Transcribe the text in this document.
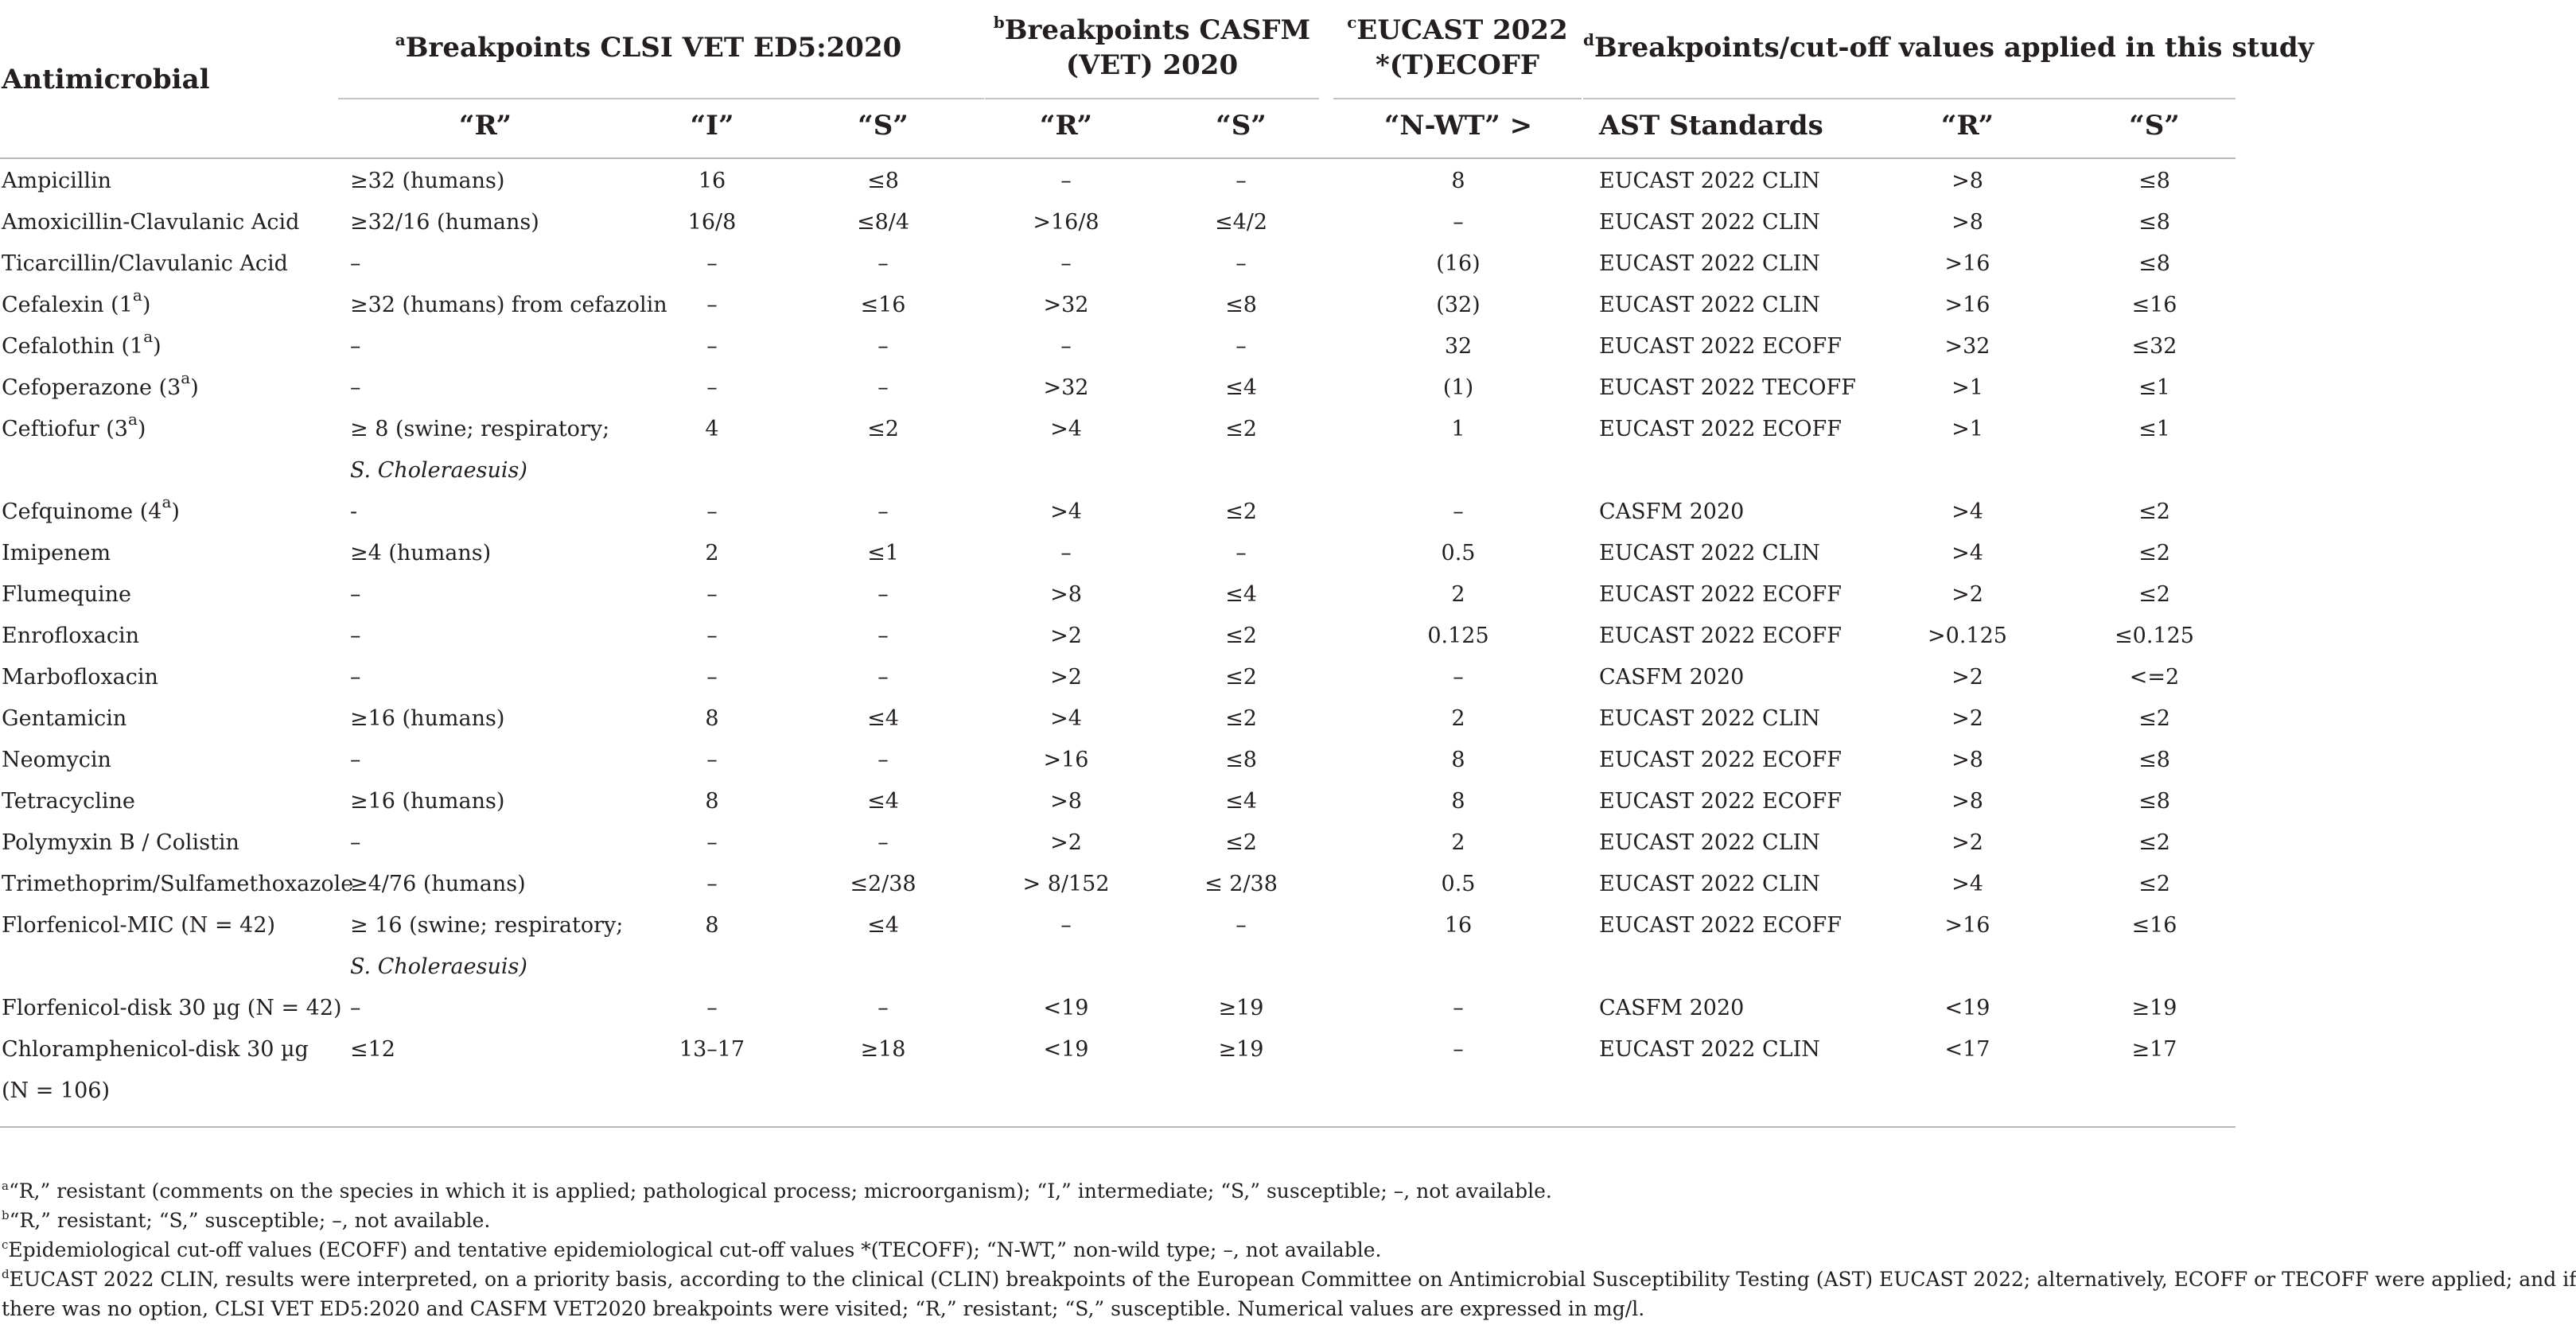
Antimicrobial
$^a$Breakpoints CLSI VET ED5:2020
$^b$Breakpoints CASFM
(VET) 2020
$^c$EUCAST 2022
*(T)ECOFF
$^d$Breakpoints/cut-off values applied in this study
“R”	“I”	“S”	“R”	“S”	“N-WT” >	AST Standards	“R”	“S”
Ampicillin	≥32 (humans)	16	≤8	–	–	8	EUCAST 2022 CLIN	>8	≤8
Amoxicillin-Clavulanic Acid ≥32/16 (humans)	16/8	≤8/4	>16/8	≤4/2	–	EUCAST 2022 CLIN	>8	≤8
Ticarcillin/Clavulanic Acid	–	–	–	–	–	(16)	EUCAST 2022 CLIN	>16	≤8
Cefalexin $(1^a)$	≥32 (humans) from cefazolin	–	≤16	>32	≤8	(32)	EUCAST 2022 CLIN	>16	≤16
Cefalothin (1$^a$)	–	–	–	–	–	32	EUCAST 2022 ECOFF	>32	≤32
Cefoperazone (3$^a$)	–	–	–	>32	≤4	(1)	EUCAST 2022 TECOFF	>1	≤1
Ceftiofur $(3^a)$	≥ 8 (swine; respiratory;	4	≤2	>4	≤2	1	EUCAST 2022 ECOFF	>1	≤1
S. Choleraesuis)
Cefquinome (4$^a$)	-	–	–	>4	≤2	–	CASFM 2020	>4	≤2
Imipenem	≥4 (humans)	2	≤1	–	–	0.5	EUCAST 2022 CLIN	>4	≤2
Flumequine	–	–	–	>8	≤4	2	EUCAST 2022 ECOFF	>2	≤2
Enrofloxacin	–	–	–	>2	≤2	0.125	EUCAST 2022 ECOFF	>0.125	≤0.125
Marbofloxacin	–	–	–	>2	≤2	–	CASFM 2020	>2	<=2
Gentamicin	≥16 (humans)	8	≤4	>4	≤2	2	EUCAST 2022 CLIN	>2	≤2
Neomycin	–	–	–	>16	≤8	8	EUCAST 2022 ECOFF	>8	≤8
Tetracycline	≥16 (humans)	8	≤4	>8	≤4	8	EUCAST 2022 ECOFF	>8	≤8
Polymyxin B / Colistin	–	–	–	>2	≤2	2	EUCAST 2022 CLIN	>2	≤2
Trimethoprim/Sulfamethoxazole
≥4/76 (humans)	–	≤2/38	> 8/152	≤ 2/38	0.5	EUCAST 2022 CLIN	>4	≤2
Florfenicol-MIC (N = 42)	≥ 16 (swine; respiratory;	8	≤4	–	–	16	EUCAST 2022 ECOFF	>16	≤16
S. Choleraesuis)
Florfenicol-disk 30 µg (N = 42) –	–	–	<19	≥19	–	CASFM 2020	<19	≥19
Chloramphenicol-disk 30 µg ≤12	13–17	≥18	<19	≥19	–	EUCAST 2022 CLIN	<17	≥17
(N = 106)
$^a$“R,” resistant (comments on the species in which it is applied; pathological process; microorganism); “I,” intermediate; “S,” susceptible; –, not available.
$^b$“R,” resistant; “S,” susceptible; –, not available.
$^c$Epidemiological cut-off values (ECOFF) and tentative epidemiological cut-off values *(TECOFF); “N-WT,” non-wild type; –, not available.
$^d$EUCAST 2022 CLIN, results were interpreted, on a priority basis, according to the clinical (CLIN) breakpoints of the European Committee on Antimicrobial Susceptibility Testing (AST) EUCAST 2022; alternatively, ECOFF or TECOFF were applied; and if
there was no option, CLSI VET ED5:2020 and CASFM VET2020 breakpoints were visited; “R,” resistant; “S,” susceptible. Numerical values are expressed in mg/l.
